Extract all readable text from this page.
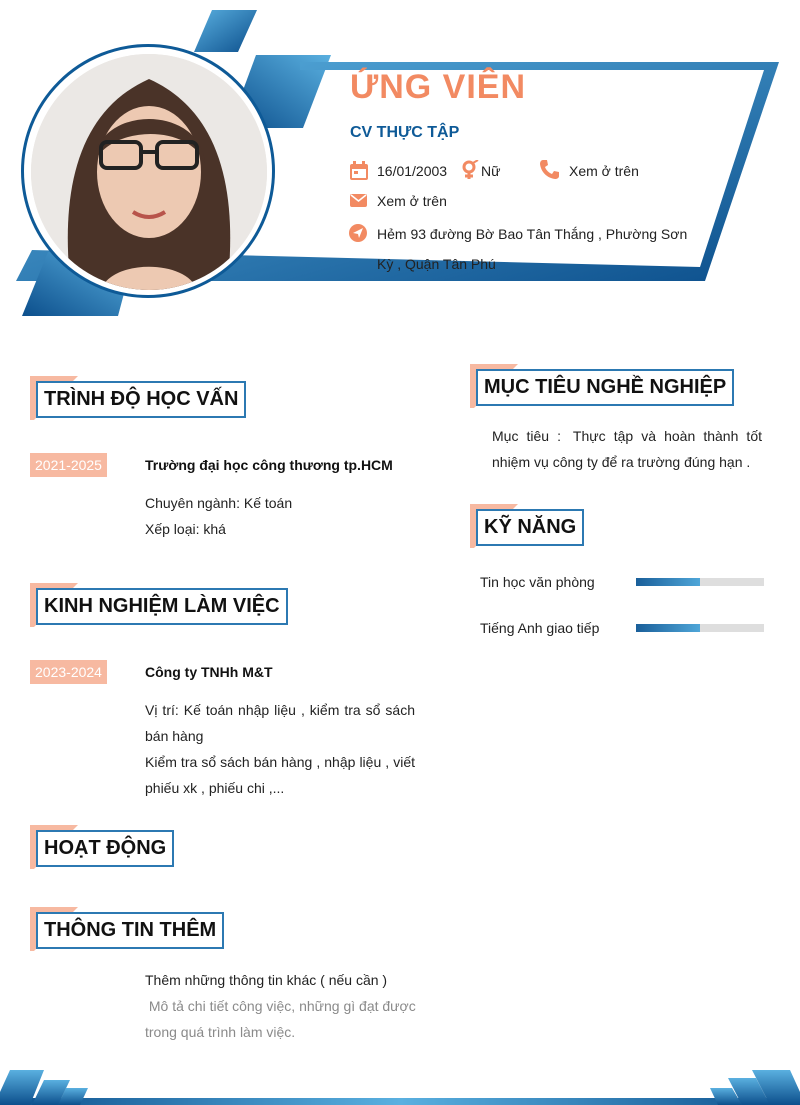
ỨNG VIÊN
CV THỰC TẬP
16/01/2003 Nữ	Xem ở trên
Xem ở trên
Hẻm 93 đường Bờ Bao Tân Thắng , Phường Sơn
Kỳ , Quận Tân Phú
TRÌNH ĐỘ HỌC VẤN
2021-2025	Trường đại học công thương tp.HCM
Chuyên ngành: Kế toán
Xếp loại: khá
KINH NGHIỆM LÀM VIỆC
2023-2024	Công ty TNHh M&T
Vị trí: Kế toán nhập liệu , kiểm tra sổ sách
bán hàng
Kiểm tra sổ sách bán hàng , nhập liệu , viết
phiếu xk , phiếu chi ,...
HOẠT ĐỘNG
THÔNG TIN THÊM
Thêm những thông tin khác ( nếu cần )
Mô tả chi tiết công việc, những gì đạt được
trong quá trình làm việc.
MỤC TIÊU NGHỀ NGHIỆP
Mục  tiêu  :   Thực  tập  và  hoàn  thành  tốt
nhiệm vụ công ty để ra trường đúng hạn .
KỸ NĂNG
Tin học văn phòng
Tiếng Anh giao tiếp
